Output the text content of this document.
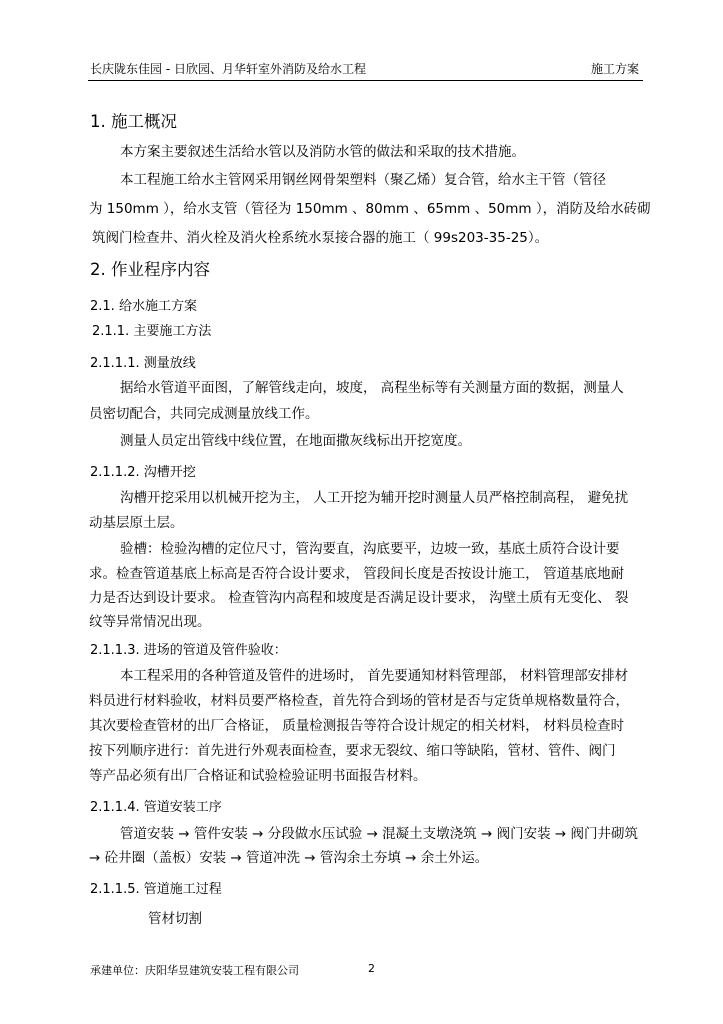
长庆陇东佳园 - 日欣园、月华轩室外消防及给水工程	施工方案
1. 施工概况
本方案主要叙述生活给水管以及消防水管的做法和采取的技术措施。
本工程施工给水主管网采用钢丝网骨架塑料（聚乙烯）复合管，给水主干管（管径
为 150mm ），给水支管（管径为 150mm 、80mm 、65mm 、50mm ），消防及给水砖砌
筑阀门检查井、消火栓及消火栓系统水泵接合器的施工（ 99s203-35-25）。
2. 作业程序内容
2.1. 给水施工方案
2.1.1. 主要施工方法
2.1.1.1. 测量放线
据给水管道平面图，了解管线走向，坡度， 高程坐标等有关测量方面的数据，测量人
员密切配合，共同完成测量放线工作。
测量人员定出管线中线位置，在地面撒灰线标出开挖宽度。
2.1.1.2. 沟槽开挖
沟槽开挖采用以机械开挖为主， 人工开挖为辅开挖时测量人员严格控制高程， 避免扰
动基层原土层。
验槽：检验沟槽的定位尺寸，管沟要直，沟底要平，边坡一致，基底土质符合设计要
求。检查管道基底上标高是否符合设计要求， 管段间长度是否按设计施工， 管道基底地耐
力是否达到设计要求。 检查管沟内高程和坡度是否满足设计要求， 沟壁土质有无变化、 裂
纹等异常情况出现。
2.1.1.3. 进场的管道及管件验收：
本工程采用的各种管道及管件的进场时， 首先要通知材料管理部， 材料管理部安排材
料员进行材料验收，材料员要严格检查，首先符合到场的管材是否与定货单规格数量符合，
其次要检查管材的出厂合格证， 质量检测报告等符合设计规定的相关材料， 材料员检查时
按下列顺序进行：首先进行外观表面检查，要求无裂纹、缩口等缺陷，管材、管件、阀门
等产品必须有出厂合格证和试验检验证明书面报告材料。
2.1.1.4. 管道安装工序
管道安装 → 管件安装 → 分段做水压试验 → 混凝土支墩浇筑 → 阀门安装 → 阀门井砌筑
→ 砼井圈（盖板）安装 → 管道冲洗 → 管沟余土夯填 → 余土外运。
2.1.1.5. 管道施工过程
管材切割
承建单位：庆阳华昱建筑安装工程有限公司	2
